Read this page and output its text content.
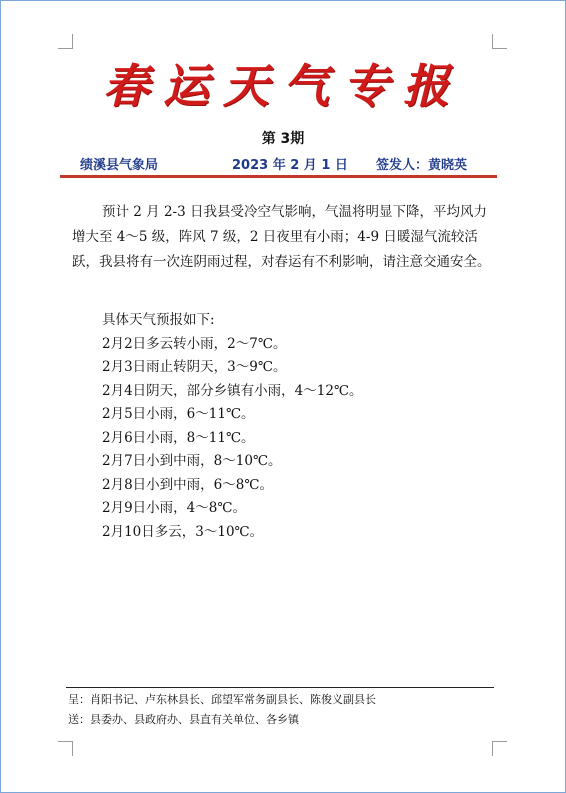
春运天气专报
第 3期
绩溪县气象局	2023 年 2 月 1 日 签发人：黄晓英

预计 2 月 2-3 日我县受冷空气影响，气温将明显下降，平均风力增大至 4～5 级，阵风 7 级，2 日夜里有小雨；4-9 日暖湿气流较活跃，我县将有一次连阴雨过程，对春运有不利影响，请注意交通安全。

具体天气预报如下:
2月2日多云转小雨，2～7℃。
2月3日雨止转阴天，3～9℃。
2月4日阴天，部分乡镇有小雨，4～12℃。
2月5日小雨，6～11℃。
2月6日小雨，8～11℃。
2月7日小到中雨，8～10℃。
2月8日小到中雨，6～8℃。
2月9日小雨，4～8℃。
2月10日多云，3～10℃。
呈：肖阳书记、卢东林县长、邱望军常务副县长、陈俊义副县长
送：县委办、县政府办、县直有关单位、各乡镇
